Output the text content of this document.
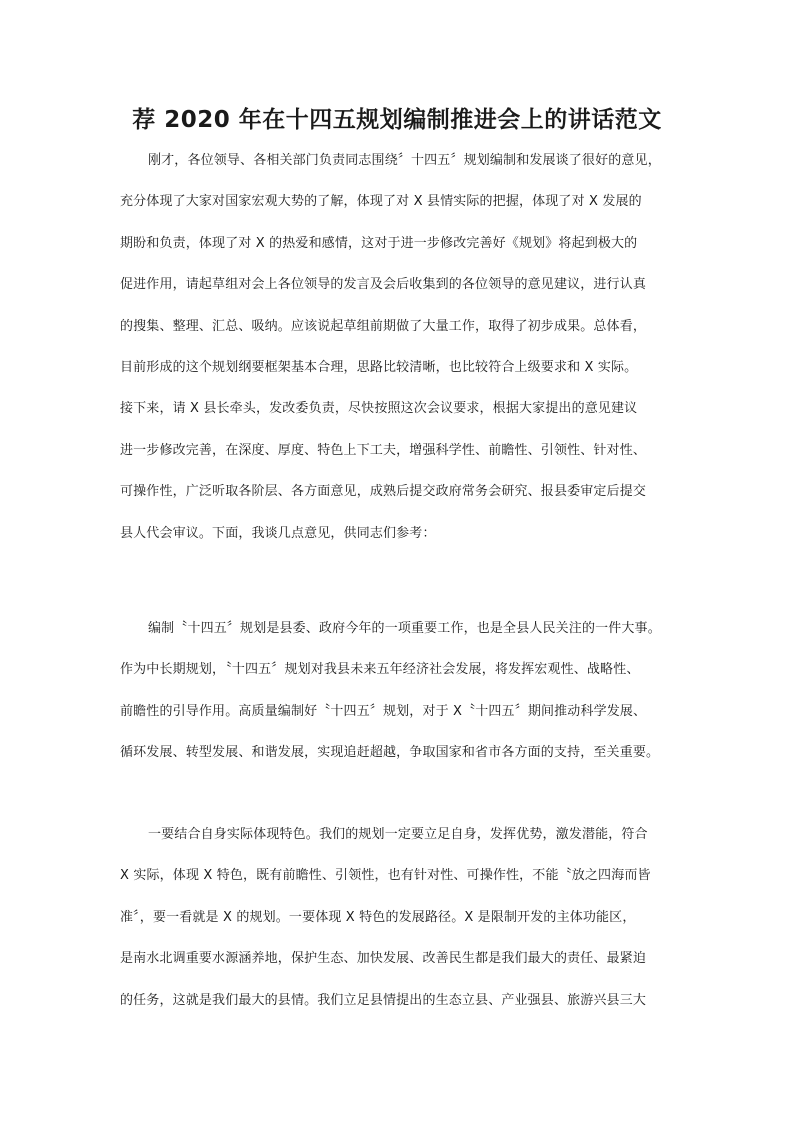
荐 2020 年在十四五规划编制推进会上的讲话范文
刚才，各位领导、各相关部门负责同志围绕〞十四五〞规划编制和发展谈了很好的意见，
充分体现了大家对国家宏观大势的了解，体现了对 X 县情实际的把握，体现了对 X 发展的
期盼和负责，体现了对 X 的热爱和感情，这对于进一步修改完善好《规划》将起到极大的
促进作用，请起草组对会上各位领导的发言及会后收集到的各位领导的意见建议，进行认真
的搜集、整理、汇总、吸纳。应该说起草组前期做了大量工作，取得了初步成果。总体看，
目前形成的这个规划纲要框架基本合理，思路比较清晰，也比较符合上级要求和 X 实际。
接下来，请 X 县长牵头，发改委负责，尽快按照这次会议要求，根据大家提出的意见建议
进一步修改完善，在深度、厚度、特色上下工夫，增强科学性、前瞻性、引领性、针对性、
可操作性，广泛听取各阶层、各方面意见，成熟后提交政府常务会研究、报县委审定后提交
县人代会审议。下面，我谈几点意见，供同志们参考：
编制〝十四五〞规划是县委、政府今年的一项重要工作，也是全县人民关注的一件大事。
作为中长期规划，〝十四五〞规划对我县未来五年经济社会发展，将发挥宏观性、战略性、
前瞻性的引导作用。高质量编制好〝十四五〞规划，对于 X〝十四五〞期间推动科学发展、
循环发展、转型发展、和谐发展，实现追赶超越，争取国家和省市各方面的支持，至关重要。
一要结合自身实际体现特色。我们的规划一定要立足自身，发挥优势，激发潜能，符合
X 实际，体现 X 特色，既有前瞻性、引领性，也有针对性、可操作性，不能〝放之四海而皆
准〞，要一看就是 X 的规划。一要体现 X 特色的发展路径。X 是限制开发的主体功能区，
是南水北调重要水源涵养地，保护生态、加快发展、改善民生都是我们最大的责任、最紧迫
的任务，这就是我们最大的县情。我们立足县情提出的生态立县、产业强县、旅游兴县三大
